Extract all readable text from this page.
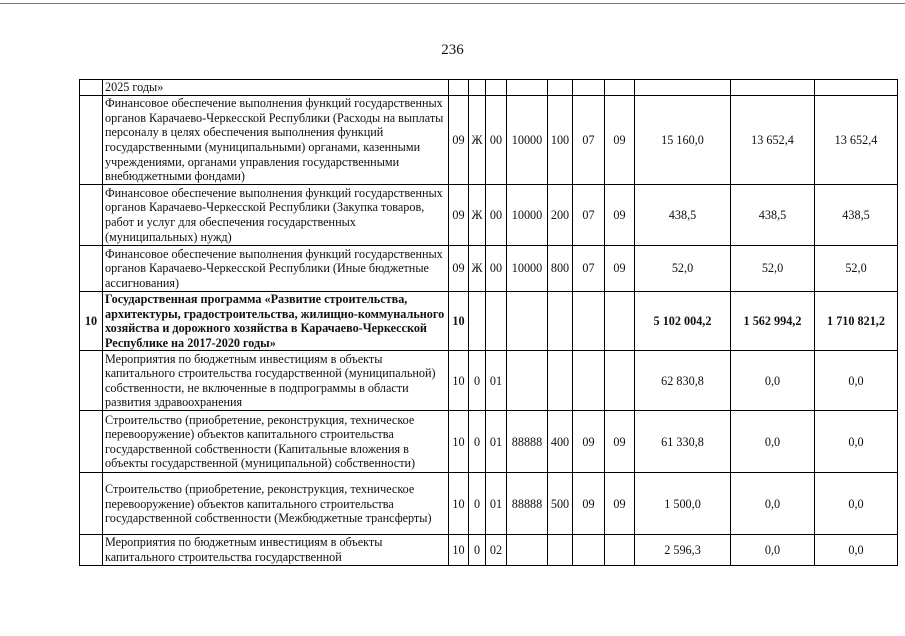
236
	2025 годы»										
	Финансовое обеспечение выполнения функций государственных органов Карачаево-Черкесской Республики (Расходы на выплаты персоналу в целях обеспечения выполнения функций государственными (муниципальными) органами, казенными учреждениями, органами управления государственными внебюджетными фондами)	09	Ж	00	10000	100	07	09	15 160,0	13 652,4	13 652,4
	Финансовое обеспечение выполнения функций государственных органов Карачаево-Черкесской Республики (Закупка товаров, работ и услуг для обеспечения государственных (муниципальных) нужд)	09	Ж	00	10000	200	07	09	438,5	438,5	438,5
	Финансовое обеспечение выполнения функций государственных органов Карачаево-Черкесской Республики (Иные бюджетные ассигнования)	09	Ж	00	10000	800	07	09	52,0	52,0	52,0
10	Государственная программа «Развитие строительства, архитектуры, градостроительства, жилищно-коммунального хозяйства и дорожного хозяйства в Карачаево-Черкесской Республике на 2017-2020 годы»	10							5 102 004,2	1 562 994,2	1 710 821,2
	Мероприятия по бюджетным инвестициям в объекты капитального строительства государственной (муниципальной) собственности, не включенные в подпрограммы в области развития здравоохранения	10	0	01					62 830,8	0,0	0,0
	Строительство (приобретение, реконструкция, техническое перевооружение) объектов капитального строительства государственной собственности (Капитальные вложения в объекты государственной (муниципальной) собственности)	10	0	01	88888	400	09	09	61 330,8	0,0	0,0
	Строительство (приобретение, реконструкция, техническое перевооружение) объектов капитального строительства государственной собственности (Межбюджетные трансферты)	10	0	01	88888	500	09	09	1 500,0	0,0	0,0
	Мероприятия по бюджетным инвестициям в объекты капитального строительства государственной	10	0	02					2 596,3	0,0	0,0
